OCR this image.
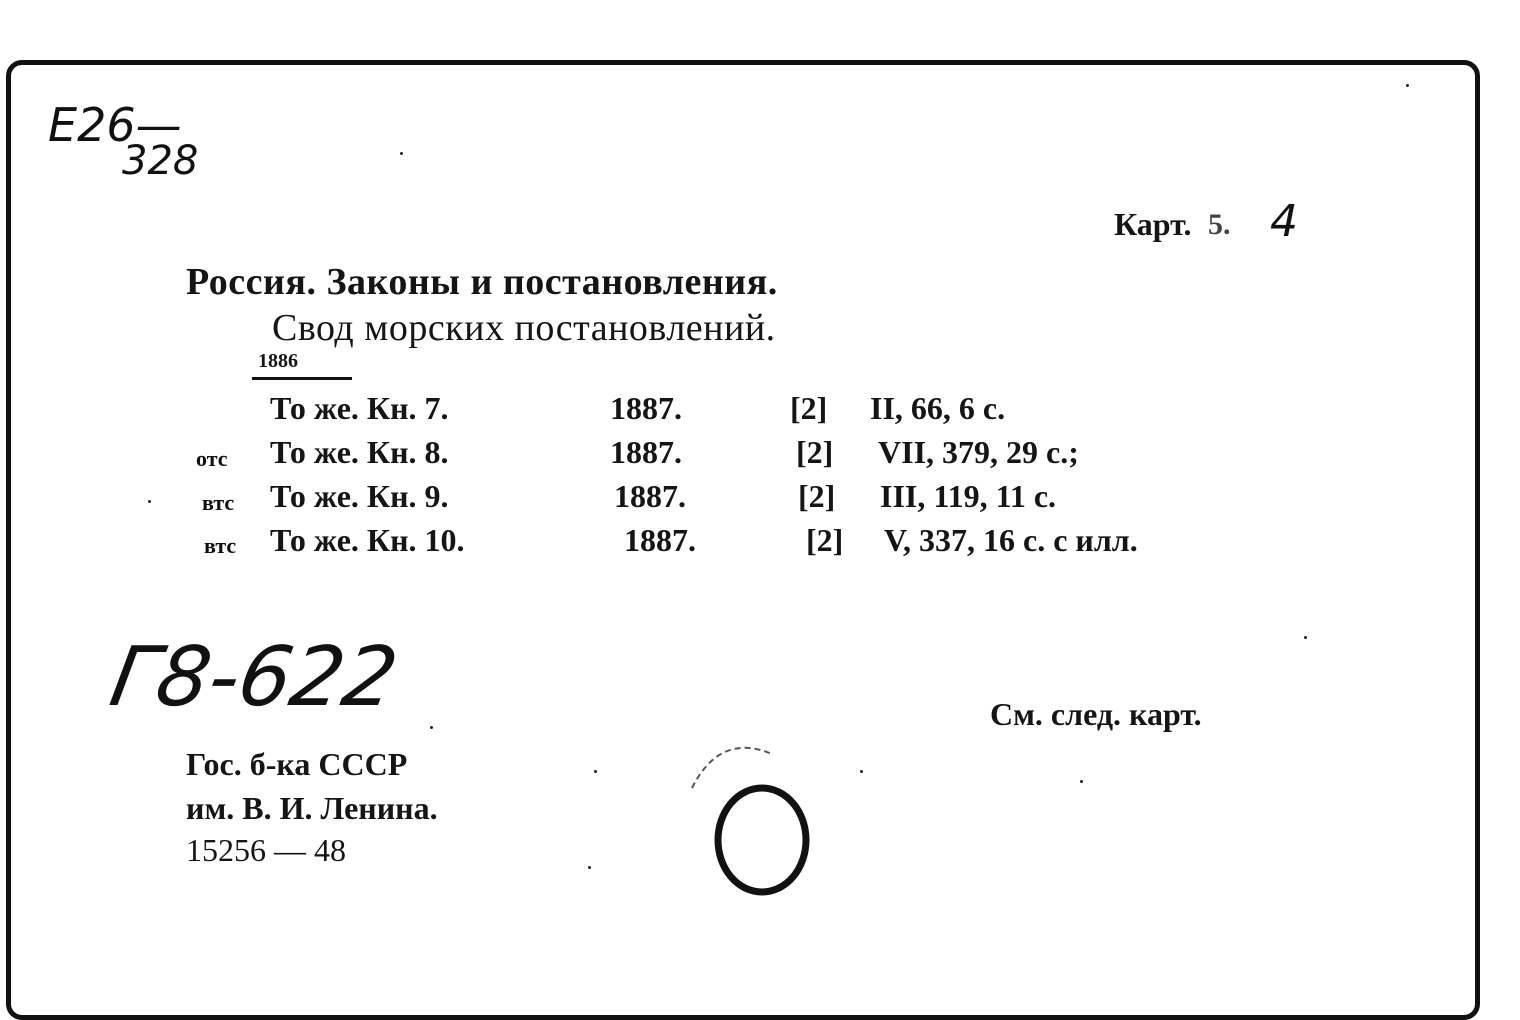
E26—
328
Карт. 5. 4
Россия. Законы и постановления.
Свод морских постановлений.
1886
То же. Кн. 7.	1887.	[2] II, 66, 6 с.
отс То же. Кн. 8.	1887.	[2] VII, 379, 29 с.;
втс То же. Кн. 9.	1887.	[2] III, 119, 11 с.
втс То же. Кн. 10.	1887.	[2] V, 337, 16 с. с илл.
Г8-622	См. след. карт.
Гос. б-ка СССР
им. В. И. Ленина.
15256 — 48
